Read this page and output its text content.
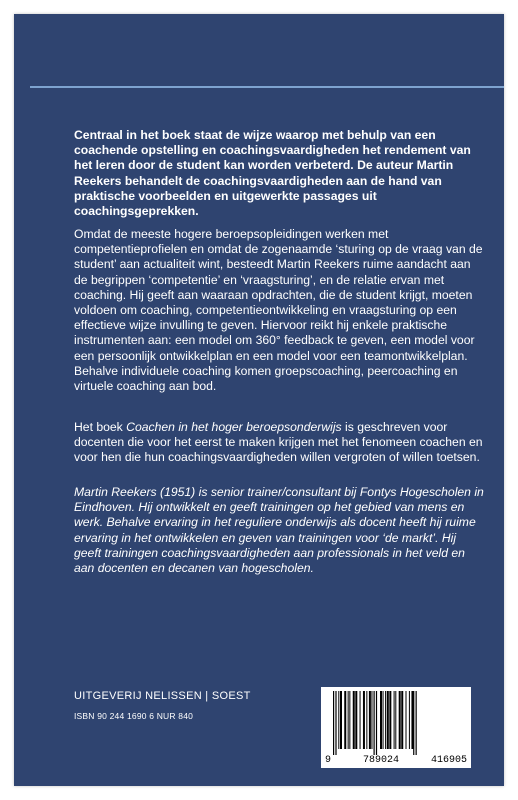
Centraal in het boek staat de wijze waarop met behulp van een coachende opstelling en coachingsvaardigheden het rendement van het leren door de student kan worden verbeterd. De auteur Martin Reekers behandelt de coachingsvaardigheden aan de hand van praktische voorbeelden en uitgewerkte passages uit coachingsgeprekken.

Omdat de meeste hogere beroepsopleidingen werken met competentieprofielen en omdat de zogenaamde ‘sturing op de vraag van de student’ aan actualiteit wint, besteedt Martin Reekers ruime aandacht aan de begrippen ‘competentie’ en ‘vraagsturing’, en de relatie ervan met coaching. Hij geeft aan waaraan opdrachten, die de student krijgt, moeten voldoen om coaching, competentieontwikkeling en vraagsturing op een effectieve wijze invulling te geven. Hiervoor reikt hij enkele praktische instrumenten aan: een model om 360° feedback te geven, een model voor een persoonlijk ontwikkelplan en een model voor een teamontwikkelplan.

Behalve individuele coaching komen groepscoaching, peercoaching en virtuele coaching aan bod.

Het boek Coachen in het hoger beroepsonderwijs is geschreven voor docenten die voor het eerst te maken krijgen met het fenomeen coachen en voor hen die hun coachingsvaardigheden willen vergroten of willen toetsen.

Martin Reekers (1951) is senior trainer/consultant bij Fontys Hogescholen in Eindhoven. Hij ontwikkelt en geeft trainingen op het gebied van mens en werk. Behalve ervaring in het reguliere onderwijs als docent heeft hij ruime ervaring in het ontwikkelen en geven van trainingen voor ‘de markt’. Hij geeft trainingen coachingsvaardigheden aan professionals in het veld en aan docenten en decanen van hogescholen.

UITGEVERIJ NELISSEN | SOEST
ISBN 90 244 1690 6 NUR 840
9	789024	416905
